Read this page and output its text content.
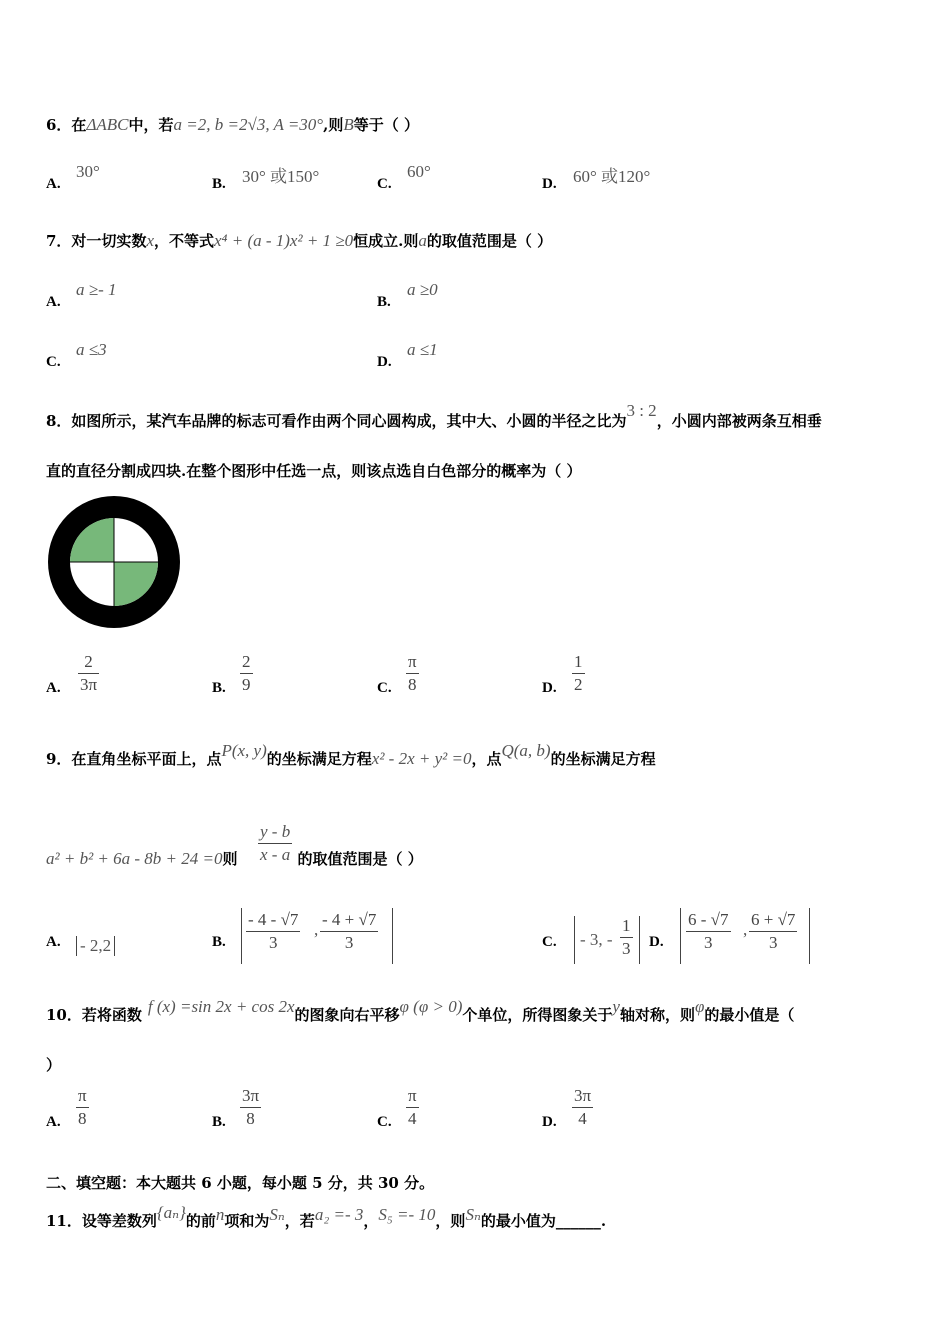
6．在ΔABC中，若a =2, b =2√3, A =30°,则B等于（ ）
A.
30°
B. 30° 或150°	C.
60°
D. 60° 或120°
7．对一切实数x，不等式x⁴ + (a - 1)x² + 1 ≥0恒成立.则a的取值范围是（ ）
A.
a ≥- 1
B.
a ≥0
C.
a ≤3
D.
a ≤1
8．如图所示，某汽车品牌的标志可看作由两个同心圆构成，其中大、小圆的半径之比为3 : 2，小圆内部被两条互相垂
直的直径分割成四块.在整个图形中任选一点，则该点选自白色部分的概率为（ ）
A.
2
3π	B.
2
9	C.
π
8	D.
1
2
9．在直角坐标平面上，点P(x, y)的坐标满足方程x² - 2x + y² =0，点Q(a, b)的坐标满足方程
a² + b² + 6a - 8b + 24 =0则	的取值范围是（ ）
y - b
x - a
A. - 2,2	B.
- 4 - √7
3
,
- 4 + √7
3	C. - 3, -
1
3 D.
6 - √7
3
,
6 + √7
3
10．若将函数 f (x) =sin 2x + cos 2x的图象向右平移φ (φ > 0)个单位，所得图象关于y轴对称，则φ的最小值是（
）
A.
π
8	B.
3π
8	C.
π
4	D.
3π
4
二、填空题：本大题共 6 小题，每小题 5 分，共 30 分。
11．设等差数列{aₙ}的前n项和为Sₙ，若a₂ =- 3，S₅ =- 10，则Sₙ的最小值为______.
